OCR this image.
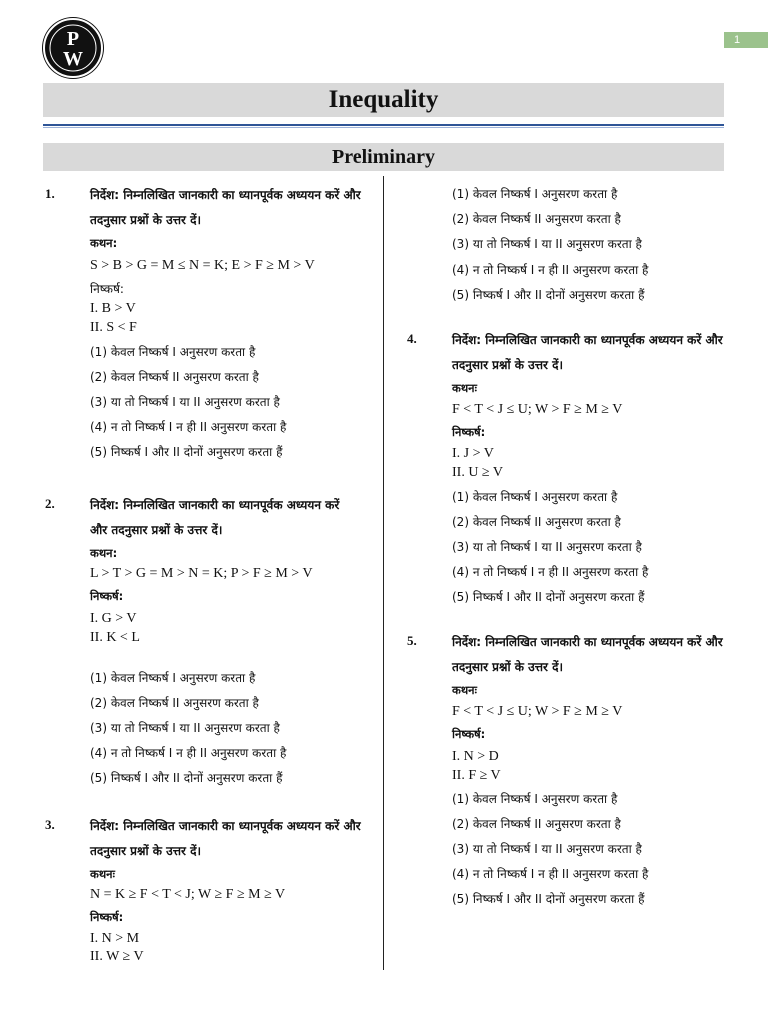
P
W
1
Inequality
Preliminary
1.	निर्देश: निम्नलिखित जानकारी का ध्यानपूर्वक अध्ययन करें और
तदनुसार प्रश्नों के उत्तर दें।
कथन:
S > B > G = M ≤ N = K; E > F ≥ M > V
निष्कर्ष:
I. B > V
II. S < F
(1) केवल निष्कर्ष I अनुसरण करता है
(2) केवल निष्कर्ष II अनुसरण करता है
(3) या तो निष्कर्ष I या II अनुसरण करता है
(4) न तो निष्कर्ष I न ही II अनुसरण करता है
(5) निष्कर्ष I और II दोनों अनुसरण करता हैं
2.	निर्देश: निम्नलिखित जानकारी का ध्यानपूर्वक अध्ययन करें
और तदनुसार प्रश्नों के उत्तर दें।
कथन:
L > T > G = M > N = K; P > F ≥ M > V
निष्कर्ष:
I. G > V
II. K < L
(1) केवल निष्कर्ष I अनुसरण करता है
(2) केवल निष्कर्ष II अनुसरण करता है
(3) या तो निष्कर्ष I या II अनुसरण करता है
(4) न तो निष्कर्ष I न ही II अनुसरण करता है
(5) निष्कर्ष I और II दोनों अनुसरण करता हैं
3.	निर्देश: निम्नलिखित जानकारी का ध्यानपूर्वक अध्ययन करें और
तदनुसार प्रश्नों के उत्तर दें।
कथनः
N = K ≥ F < T < J; W ≥ F ≥ M ≥ V
निष्कर्ष:
I. N > M
II. W ≥ V
(1) केवल निष्कर्ष I अनुसरण करता है
(2) केवल निष्कर्ष II अनुसरण करता है
(3) या तो निष्कर्ष I या II अनुसरण करता है
(4) न तो निष्कर्ष I न ही II अनुसरण करता है
(5) निष्कर्ष I और II दोनों अनुसरण करता हैं
4.	निर्देश: निम्नलिखित जानकारी का ध्यानपूर्वक अध्ययन करें और
तदनुसार प्रश्नों के उत्तर दें।
कथनः
F < T < J ≤ U; W > F ≥ M ≥ V
निष्कर्ष:
I. J > V
II. U ≥ V
(1) केवल निष्कर्ष I अनुसरण करता है
(2) केवल निष्कर्ष II अनुसरण करता है
(3) या तो निष्कर्ष I या II अनुसरण करता है
(4) न तो निष्कर्ष I न ही II अनुसरण करता है
(5) निष्कर्ष I और II दोनों अनुसरण करता हैं
5.	निर्देश: निम्नलिखित जानकारी का ध्यानपूर्वक अध्ययन करें और
तदनुसार प्रश्नों के उत्तर दें।
कथनः
F < T < J ≤ U; W > F ≥ M ≥ V
निष्कर्ष:
I. N > D
II. F ≥ V
(1) केवल निष्कर्ष I अनुसरण करता है
(2) केवल निष्कर्ष II अनुसरण करता है
(3) या तो निष्कर्ष I या II अनुसरण करता है
(4) न तो निष्कर्ष I न ही II अनुसरण करता है
(5) निष्कर्ष I और II दोनों अनुसरण करता हैं
